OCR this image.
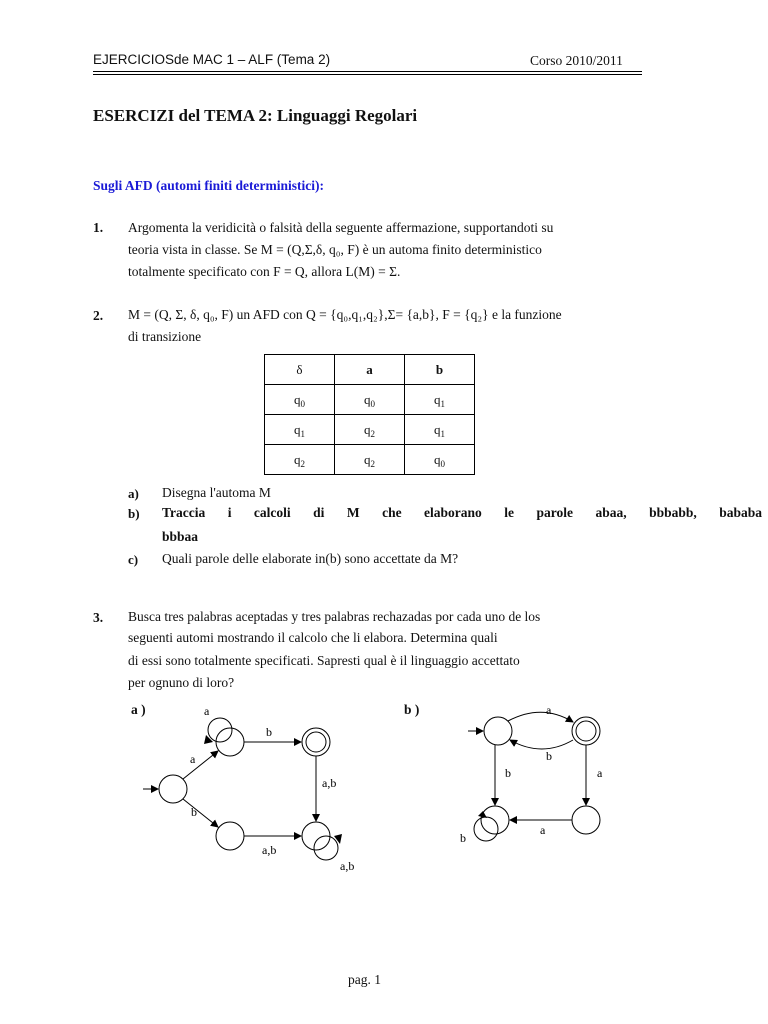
EJERCICIOSde MAC 1 – ALF (Tema 2)	Corso 2010/2011
ESERCIZI del TEMA 2: Linguaggi Regolari
Sugli AFD (automi finiti deterministici):
1. Argomenta la veridicità o falsità della seguente affermazione, supportandoti su
teoria vista in classe. Se M = (Q,Σ,δ, q₀, F) è un automa finito deterministico
totalmente specificato con F = Q, allora L(M) = Σ.
2. M = (Q, Σ, δ, q₀, F) un AFD con Q = {q₀,q₁,q₂},Σ= {a,b}, F = {q₂} e la funzione
di transizione
δ	a	b
$q_0$	$q_0$	$q_1$
$q_1$	$q_2$	$q_1$
$q_2$	$q_2$	$q_0$
a) Disegna l'automa M
b) Traccia i calcoli di M che elaborano le parole abaa, bbbabb, bababa
bbbaa
c) Quali parole delle elaborate in(b) sono accettate da M?
3. Busca tres palabras aceptadas y tres palabras rechazadas por cada uno de los
seguenti automi mostrando il calcolo che li elabora. Determina quali
di essi sono totalmente specificati. Sapresti qual è il linguaggio accettato
per ognuno di loro?
a )	a
b
a
b
a,b
a,b
a,b
b )	a
b
b	a
a
b
pag. 1
